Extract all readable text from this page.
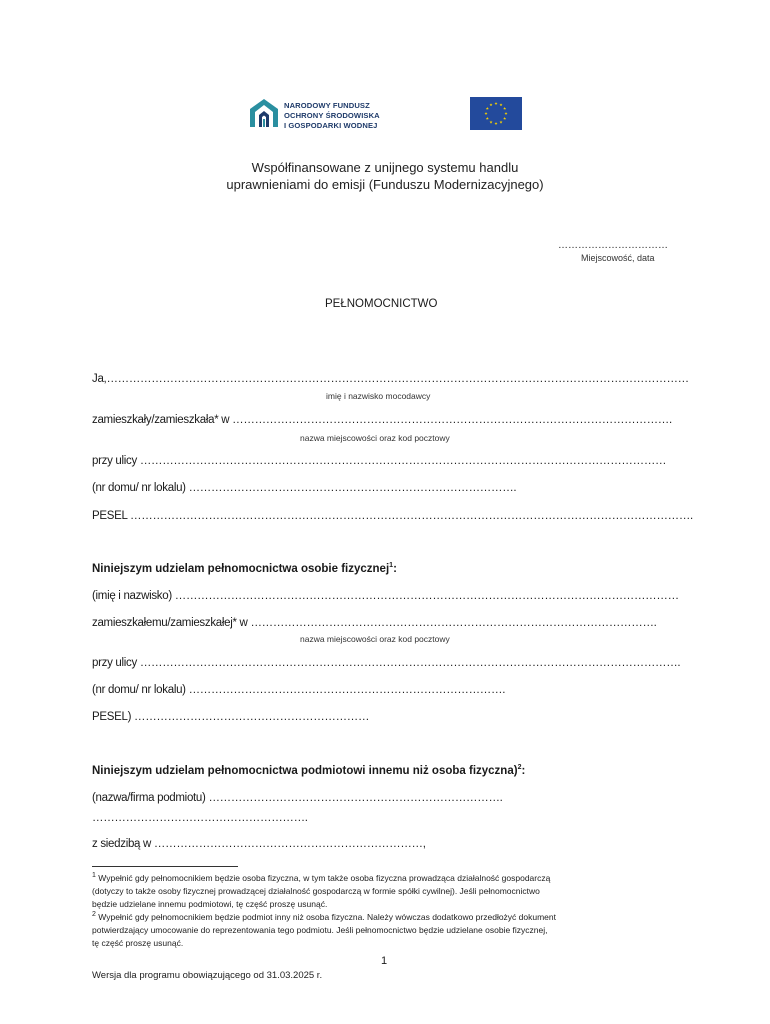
NARODOWY FUNDUSZ
OCHRONY ŚRODOWISKA
I GOSPODARKI WODNEJ
Współfinansowane z unijnego systemu handlu
uprawnieniami do emisji (Funduszu Modernizacyjnego)
……………………………
Miejscowość, data
PEŁNOMOCNICTWO
Ja,…………………………………………………………………………………………………………………………………………
imię i nazwisko mocodawcy
zamieszkały/zamieszkała* w ……………………………………………………………………………………………………….
nazwa miejscowości oraz kod pocztowy
przy ulicy ……………………………………………………………………………………………………………………………
(nr domu/ nr lokalu) …………………………………………………………………………….
PESEL …………………………………………………………………………………………………………………………………….
Niniejszym udzielam pełnomocnictwa osobie fizycznej$^1$:
(imię i nazwisko) ………………………………………………………………………………………………………………………
zamieszkałemu/zamieszkałej* w ……………………………………………………………………………………………….
nazwa miejscowości oraz kod pocztowy
przy ulicy ……………………………………………………………………………………………………………………………….
(nr domu/ nr lokalu) ………………………………………………………………………….
PESEL) ………………………………………………………
Niniejszym udzielam pełnomocnictwa podmiotowi innemu niż osoba fizyczna)$^2$:
(nazwa/firma podmiotu) …………………………………………………………………….
………………………………………………….
z siedzibą w ………………………………………………………………,
$^1$ Wypełnić gdy pełnomocnikiem będzie osoba fizyczna, w tym także osoba fizyczna prowadząca działalność gospodarczą
(dotyczy to także osoby fizycznej prowadzącej działalność gospodarczą w formie spółki cywilnej). Jeśli pełnomocnictwo
będzie udzielane innemu podmiotowi, tę część proszę usunąć.
$^2$ Wypełnić gdy pełnomocnikiem będzie podmiot inny niż osoba fizyczna. Należy wówczas dodatkowo przedłożyć dokument
potwierdzający umocowanie do reprezentowania tego podmiotu. Jeśli pełnomocnictwo będzie udzielane osobie fizycznej,
tę część proszę usunąć.
1
Wersja dla programu obowiązującego od 31.03.2025 r.
